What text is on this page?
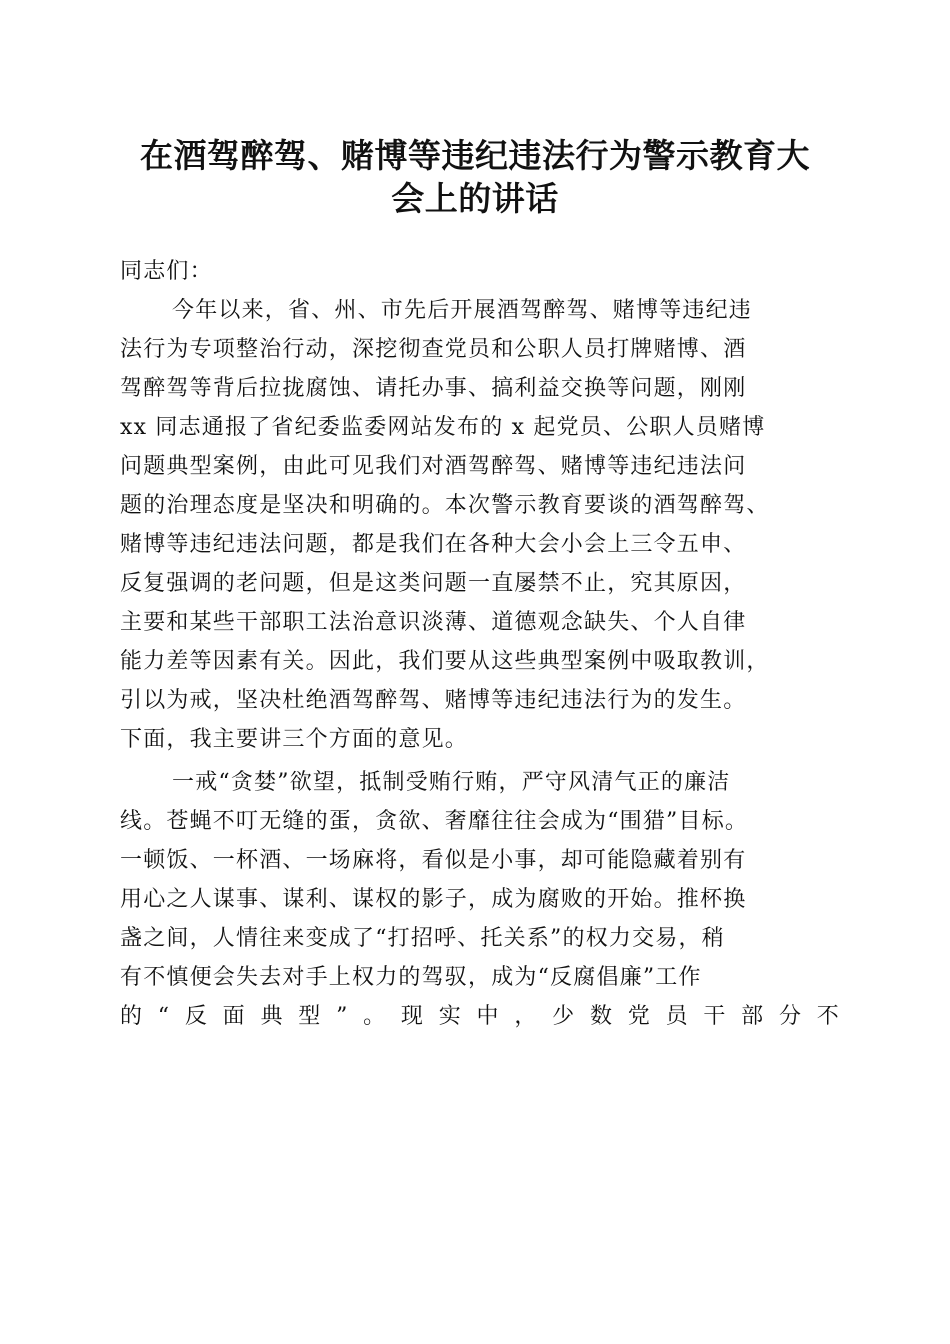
在酒驾醉驾、赌博等违纪违法行为警示教育大
会上的讲话

同志们：

今年以来，省、州、市先后开展酒驾醉驾、赌博等违纪违
法行为专项整治行动，深挖彻查党员和公职人员打牌赌博、酒
驾醉驾等背后拉拢腐蚀、请托办事、搞利益交换等问题，刚刚
xx 同志通报了省纪委监委网站发布的 x 起党员、公职人员赌博
问题典型案例，由此可见我们对酒驾醉驾、赌博等违纪违法问
题的治理态度是坚决和明确的。本次警示教育要谈的酒驾醉驾、
赌博等违纪违法问题，都是我们在各种大会小会上三令五申、
反复强调的老问题，但是这类问题一直屡禁不止，究其原因，
主要和某些干部职工法治意识淡薄、道德观念缺失、个人自律
能力差等因素有关。因此，我们要从这些典型案例中吸取教训，
引以为戒，坚决杜绝酒驾醉驾、赌博等违纪违法行为的发生。
下面，我主要讲三个方面的意见。
一戒“贪婪”欲望，抵制受贿行贿，严守风清气正的廉洁
线。苍蝇不叮无缝的蛋，贪欲、奢靡往往会成为“围猎”目标。
一顿饭、一杯酒、一场麻将，看似是小事，却可能隐藏着别有
用心之人谋事、谋利、谋权的影子，成为腐败的开始。推杯换
盏之间，人情往来变成了“打招呼、托关系”的权力交易，稍
有不慎便会失去对手上权力的驾驭，成为“反腐倡廉”工作
的“反面典型”。现实中，少数党员干部分不
